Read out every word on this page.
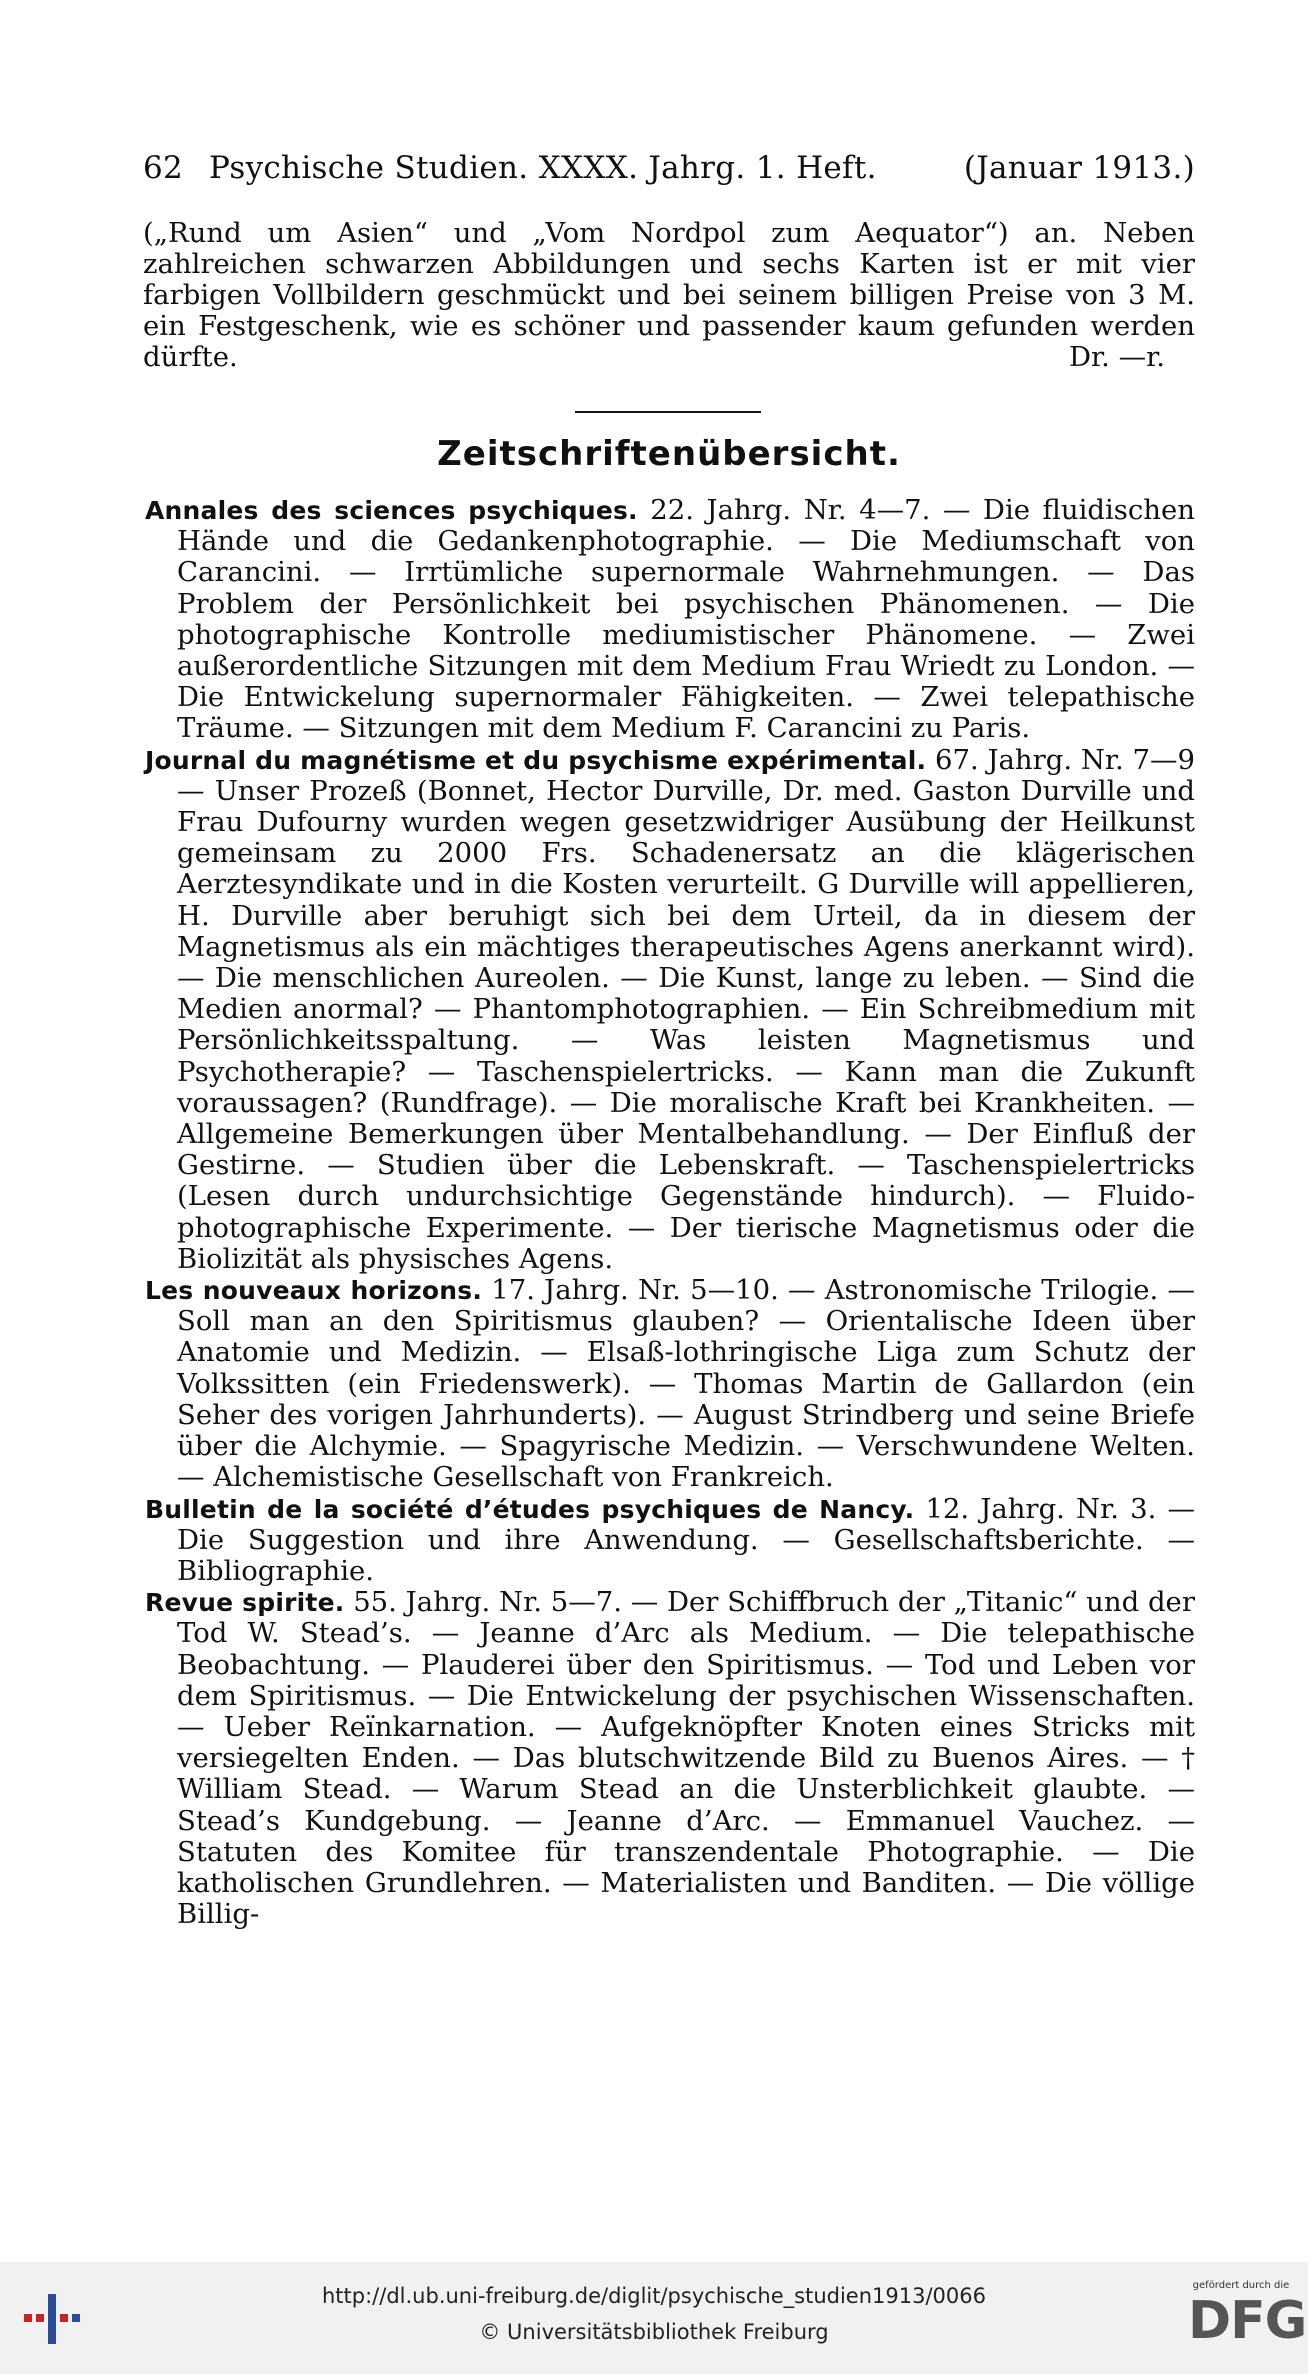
62 Psychische Studien. XXXX. Jahrg. 1. Heft.	(Januar 1913.)
(„Rund um Asien“ und „Vom Nordpol zum Aequator“) an. Neben zahlreichen schwarzen Abbildungen und sechs Karten ist er mit vier farbigen Vollbildern geschmückt und bei seinem billigen Preise von 3 M. ein Festgeschenk, wie es schöner und passender kaum gefunden werden dürfte.	Dr. —r.
Zeitschriftenübersicht.
Annales des sciences psychiques. 22. Jahrg. Nr. 4—7. — Die fluidischen Hände und die Gedankenphotographie. — Die Mediumschaft von Carancini. — Irrtümliche supernormale Wahrnehmungen. — Das Problem der Persönlichkeit bei psychischen Phänomenen. — Die photographische Kontrolle mediumistischer Phänomene. — Zwei außerordentliche Sitzungen mit dem Medium Frau Wriedt zu London. — Die Entwickelung supernormaler Fähigkeiten. — Zwei telepathische Träume. — Sitzungen mit dem Medium F. Carancini zu Paris.
Journal du magnétisme et du psychisme expérimental. 67. Jahrg. Nr. 7—9 — Unser Prozeß (Bonnet, Hector Durville, Dr. med. Gaston Durville und Frau Dufourny wurden wegen gesetzwidriger Ausübung der Heilkunst gemeinsam zu 2000 Frs. Schadenersatz an die klägerischen Aerztesyndikate und in die Kosten verurteilt. G Durville will appellieren, H. Durville aber beruhigt sich bei dem Urteil, da in diesem der Magnetismus als ein mächtiges therapeutisches Agens anerkannt wird). — Die menschlichen Aureolen. — Die Kunst, lange zu leben. — Sind die Medien anormal? — Phantomphotographien. — Ein Schreibmedium mit Persönlichkeitsspaltung. — Was leisten Magnetismus und Psychotherapie? — Taschenspielertricks. — Kann man die Zukunft voraussagen? (Rundfrage). — Die moralische Kraft bei Krankheiten. — Allgemeine Bemerkungen über Mentalbehandlung. — Der Einfluß der Gestirne. — Studien über die Lebenskraft. — Taschenspielertricks (Lesen durch undurchsichtige Gegenstände hindurch). — Fluido-photographische Experimente. — Der tierische Magnetismus oder die Biolizität als physisches Agens.
Les nouveaux horizons. 17. Jahrg. Nr. 5—10. — Astronomische Trilogie. — Soll man an den Spiritismus glauben? — Orientalische Ideen über Anatomie und Medizin. — Elsaß-lothringische Liga zum Schutz der Volkssitten (ein Friedenswerk). — Thomas Martin de Gallardon (ein Seher des vorigen Jahrhunderts). — August Strindberg und seine Briefe über die Alchymie. — Spagyrische Medizin. — Verschwundene Welten. — Alchemistische Gesellschaft von Frankreich.
Bulletin de la société d’études psychiques de Nancy. 12. Jahrg. Nr. 3. — Die Suggestion und ihre Anwendung. — Gesellschaftsberichte. — Bibliographie.
Revue spirite. 55. Jahrg. Nr. 5—7. — Der Schiffbruch der „Titanic“ und der Tod W. Stead’s. — Jeanne d’Arc als Medium. — Die telepathische Beobachtung. — Plauderei über den Spiritismus. — Tod und Leben vor dem Spiritismus. — Die Entwickelung der psychischen Wissenschaften. — Ueber Reïnkarnation. — Aufgeknöpfter Knoten eines Stricks mit versiegelten Enden. — Das blutschwitzende Bild zu Buenos Aires. — † William Stead. — Warum Stead an die Unsterblichkeit glaubte. — Stead’s Kundgebung. — Jeanne d’Arc. — Emmanuel Vauchez. — Statuten des Komitee für transzendentale Photographie. — Die katholischen Grundlehren. — Materialisten und Banditen. — Die völlige Billig-
http://dl.ub.uni-freiburg.de/diglit/psychische_studien1913/0066
© Universitätsbibliothek Freiburg
gefördert durch die
DFG
